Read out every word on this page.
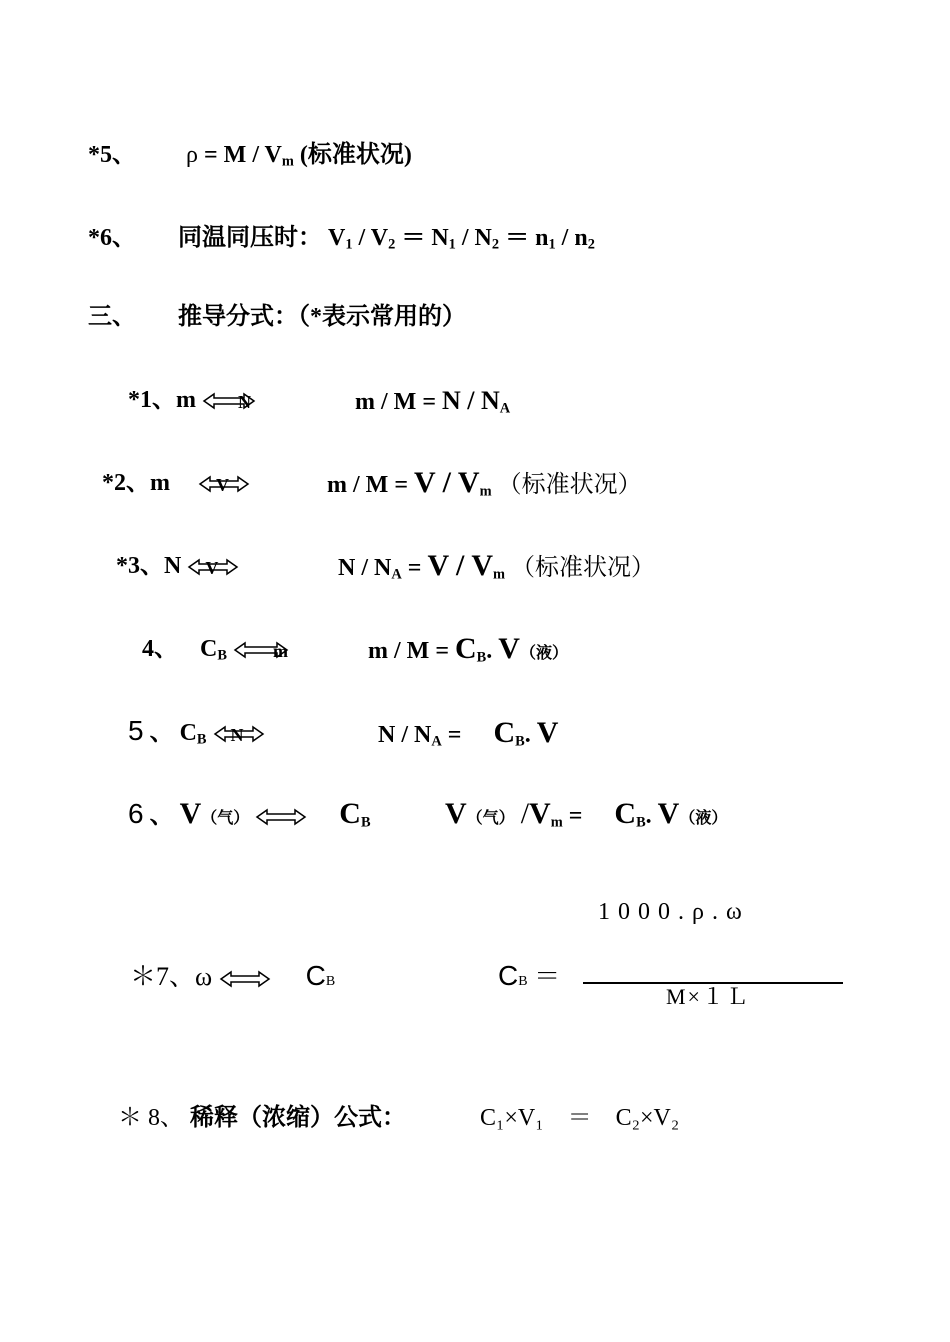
*5、 $\rho = M / V_m$ (标准状况)
*6、 同温同压时： $V_1 / V_2 = N_1 / N_2 = n_1 / n_2$
三、 推导分式：（*表示常用的）
*1、m N	$m / M = N / N_A$
*2、m	V	$m / M = V / V_m$ （标准状况）
*3、N V	$N / N_A = V / V_m$ （标准状况）
4、 $C_B$	m	$m / M = C_B$. V（液）
5 、 $C_B$ N	$N / N_A = C_B$. V
6 、 V（气）	$C_B$ V（气） $/V_m = C_B$. V（液）
1000.ρ.ω
＊7、ω	CB	CB ＝
M×１Ｌ
＊ 8、 稀释（浓缩）公式：	C₁×V₁　＝　C₂×V₂
